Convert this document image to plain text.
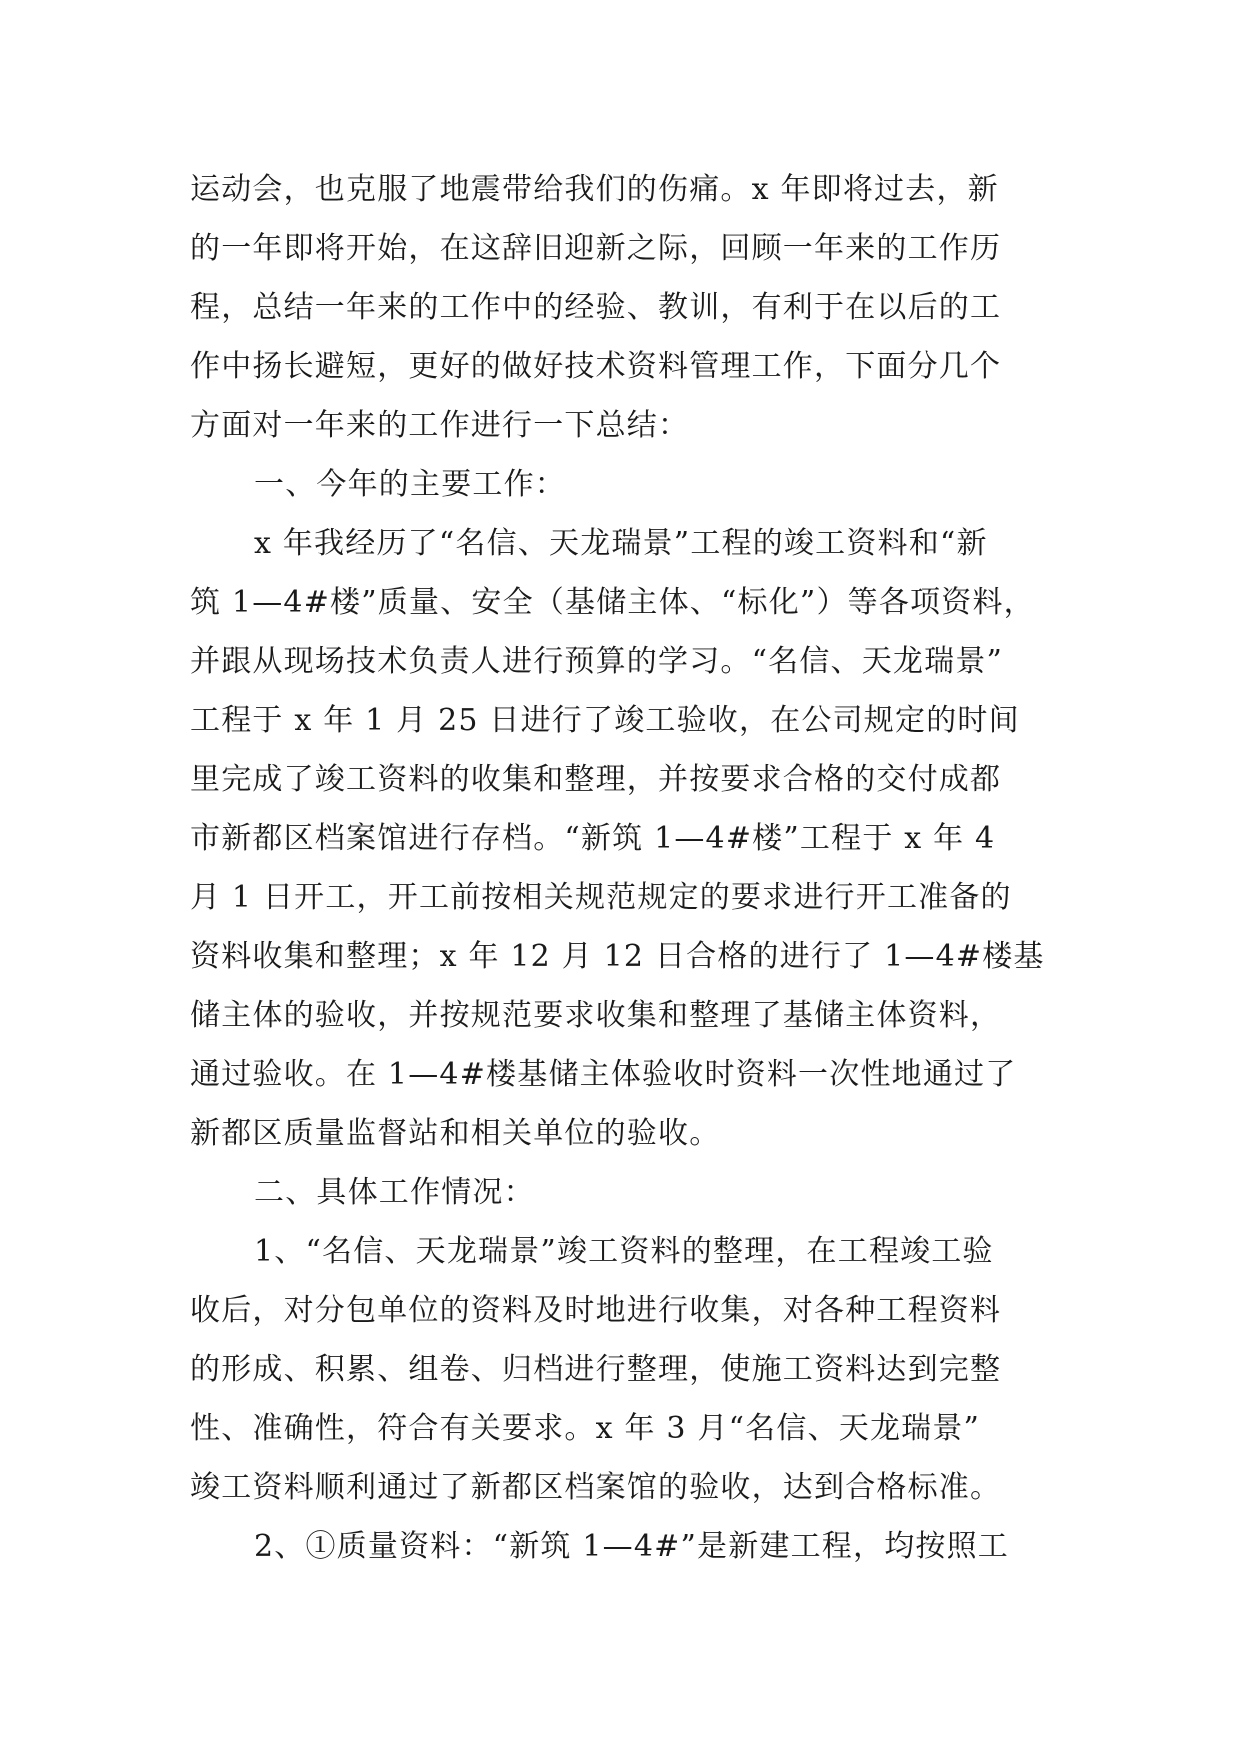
运动会，也克服了地震带给我们的伤痛。x 年即将过去，新
的一年即将开始，在这辞旧迎新之际，回顾一年来的工作历
程，总结一年来的工作中的经验、教训，有利于在以后的工
作中扬长避短，更好的做好技术资料管理工作，下面分几个
方面对一年来的工作进行一下总结：
一、今年的主要工作：
x 年我经历了“名信、天龙瑞景”工程的竣工资料和“新
筑 1—4#楼”质量、安全（基储主体、“标化”）等各项资料，
并跟从现场技术负责人进行预算的学习。“名信、天龙瑞景”
工程于 x 年 1 月 25 日进行了竣工验收，在公司规定的时间
里完成了竣工资料的收集和整理，并按要求合格的交付成都
市新都区档案馆进行存档。“新筑 1—4#楼”工程于 x 年 4
月 1 日开工，开工前按相关规范规定的要求进行开工准备的
资料收集和整理；x 年 12 月 12 日合格的进行了 1—4#楼基
储主体的验收，并按规范要求收集和整理了基储主体资料，
通过验收。在 1—4#楼基储主体验收时资料一次性地通过了
新都区质量监督站和相关单位的验收。
二、具体工作情况：
1、“名信、天龙瑞景”竣工资料的整理，在工程竣工验
收后，对分包单位的资料及时地进行收集，对各种工程资料
的形成、积累、组卷、归档进行整理，使施工资料达到完整
性、准确性，符合有关要求。x 年 3 月“名信、天龙瑞景”
竣工资料顺利通过了新都区档案馆的验收，达到合格标准。
2、①质量资料：“新筑 1—4#”是新建工程，均按照工
